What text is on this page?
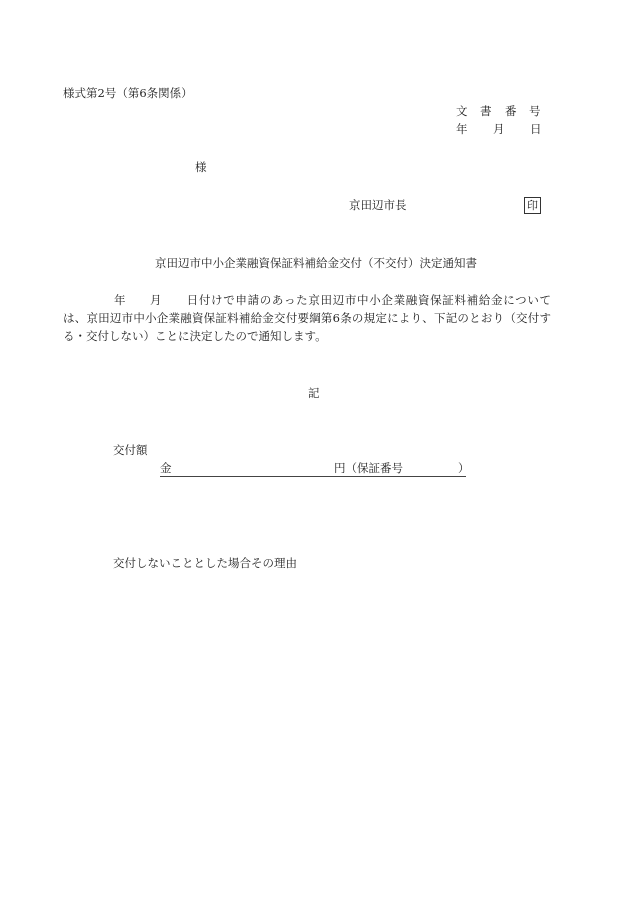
様式第2号（第6条関係）
文 書 番 号
年 月 日
様
京田辺市長	印
京田辺市中小企業融資保証料補給金交付（不交付）決定通知書
年 月 日付けで申請のあった京田辺市中小企業融資保証料補給金については、京田辺市中小企業融資保証料補給金交付要綱第6条の規定により、下記のとおり（交付する・交付しない）ことに決定したので通知します。
記
交付額
金	円（保証番号	）
交付しないこととした場合その理由
